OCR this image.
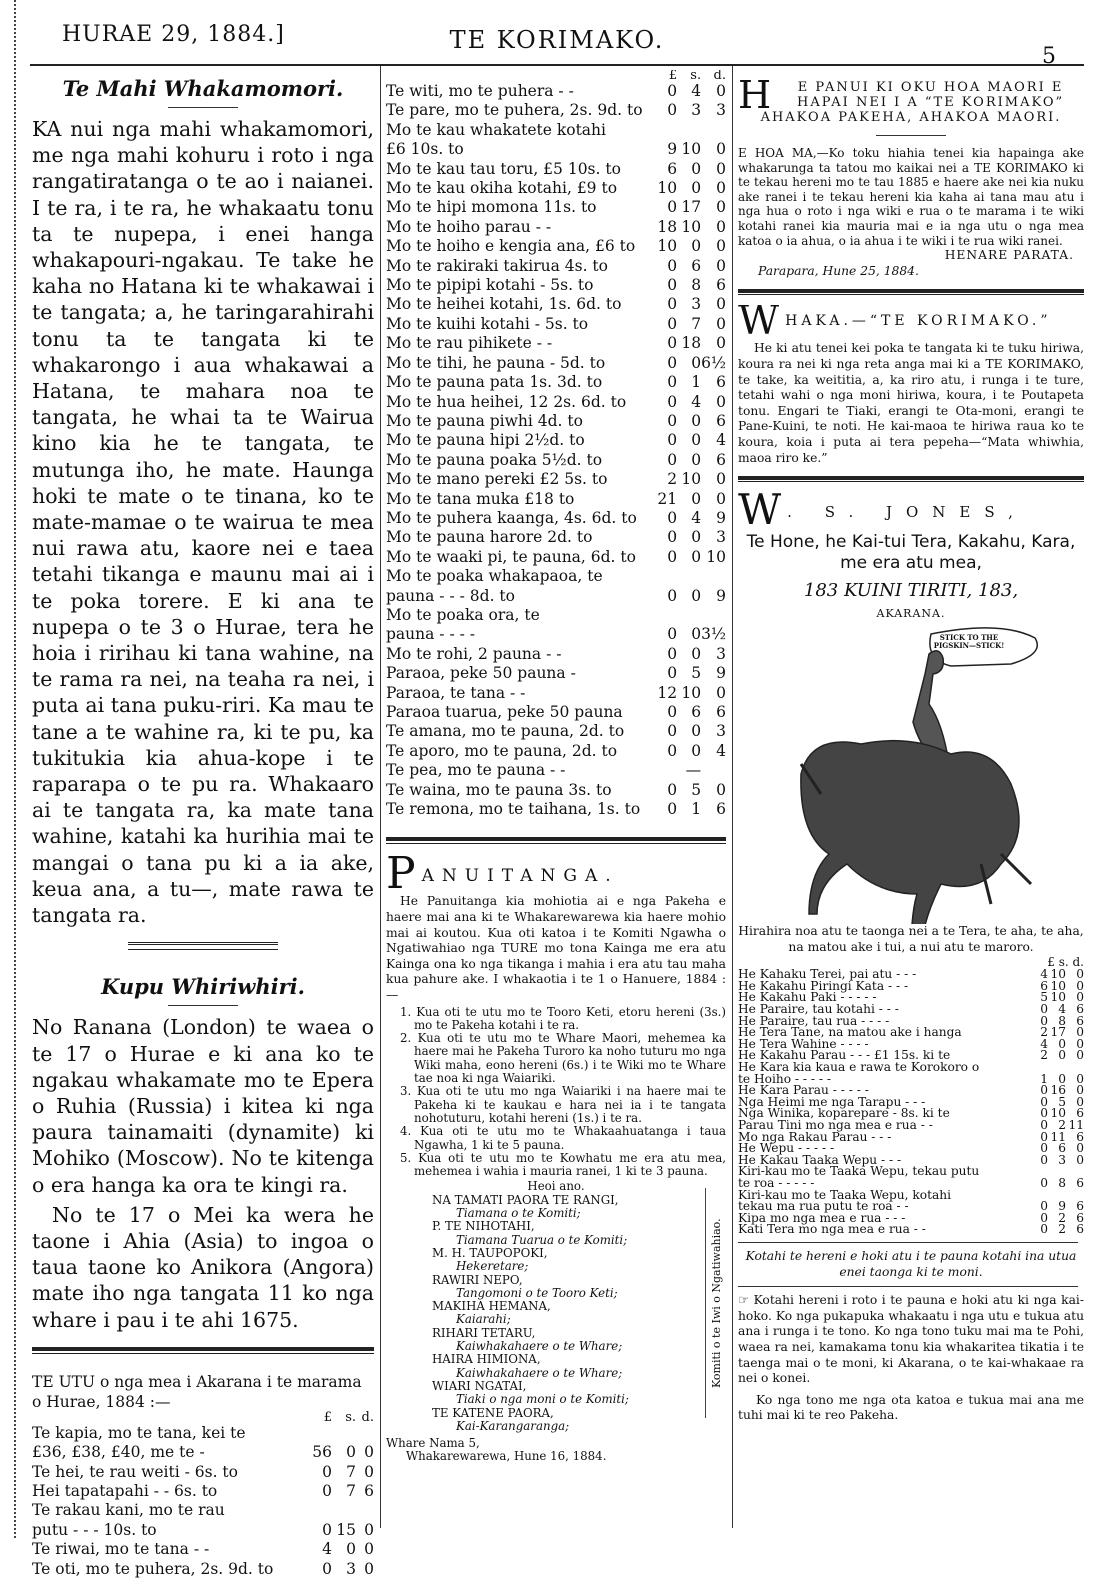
HURAE 29, 1884.]	TE KORIMAKO.
5
Te Mahi Whakamomori.
KA nui nga mahi whakamomori, me nga mahi kohuru i roto i nga rangatiratanga o te ao i naianei. I te ra, i te ra, he whakaatu tonu ta te nupepa, i enei hanga whakapouri-ngakau. Te take he kaha no Hatana ki te whakawai i te tangata; a, he taringarahirahi tonu ta te tangata ki te whakarongo i aua whakawai a Hatana, te mahara noa te tangata, he whai ta te Wairua kino kia he te tangata, te mutunga iho, he mate. Haunga hoki te mate o te tinana, ko te mate-mamae o te wairua te mea nui rawa atu, kaore nei e taea tetahi tikanga e maunu mai ai i te poka torere. E ki ana te nupepa o te 3 o Hurae, tera he hoia i ririhau ki tana wahine, na te rama ra nei, na teaha ra nei, i puta ai tana puku-riri. Ka mau te tane a te wahine ra, ki te pu, ka tukitukia kia ahua-kope i te raparapa o te pu ra. Whakaaro ai te tangata ra, ka mate tana wahine, katahi ka hurihia mai te mangai o tana pu ki a ia ake, keua ana, a tu—, mate rawa te tangata ra.
Kupu Whiriwhiri.

No Ranana (London) te waea o te 17 o Hurae e ki ana ko te ngakau whakamate mo te Epera o Ruhia (Russia) i kitea ki nga paura tainamaiti (dynamite) ki Mohiko (Moscow). No te kitenga o era hanga ka ora te kingi ra.

No te 17 o Mei ka wera he taone i Ahia (Asia) to ingoa o taua taone ko Anikora (Angora) mate iho nga tangata 11 ko nga whare i pau i te ahi 1675.

TE UTU o nga mea i Akarana i te marama o Hurae, 1884 :—
	£	s.	d.
Te kapia, mo te tana, kei te			
£36, £38, £40, me te -	56	0	0
Te hei, te rau weiti - 6s. to	0	7	0
Hei tapatapahi - - 6s. to	0	7	6
Te rakau kani, mo te rau			
putu - - - 10s. to	0	15	0
Te riwai, mo te tana - -	4	0	0
Te oti, mo te puhera, 2s. 9d. to	0	3	0
	£	s.	d.
Te witi, mo te puhera - -	0	4	0
Te pare, mo te puhera, 2s. 9d. to	0	3	3
Mo te kau whakatete kotahi			
£6 10s. to	9	10	0
Mo te kau tau toru, £5 10s. to	6	0	0
Mo te kau okiha kotahi, £9 to	10	0	0
Mo te hipi momona 11s. to	0	17	0
Mo te hoiho parau - -	18	10	0
Mo te hoiho e kengia ana, £6 to	10	0	0
Mo te rakiraki takirua 4s. to	0	6	0
Mo te pipipi kotahi - 5s. to	0	8	6
Mo te heihei kotahi, 1s. 6d. to	0	3	0
Mo te kuihi kotahi - 5s. to	0	7	0
Mo te rau pihikete - -	0	18	0
Mo te tihi, he pauna - 5d. to	0	0	6½
Mo te pauna pata 1s. 3d. to	0	1	6
Mo te hua heihei, 12 2s. 6d. to	0	4	0
Mo te pauna piwhi 4d. to	0	0	6
Mo te pauna hipi 2½d. to	0	0	4
Mo te pauna poaka 5½d. to	0	0	6
Mo te mano pereki £2 5s. to	2	10	0
Mo te tana muka £18 to	21	0	0
Mo te puhera kaanga, 4s. 6d. to	0	4	9
Mo te pauna harore 2d. to	0	0	3
Mo te waaki pi, te pauna, 6d. to	0	0	10
Mo te poaka whakapaoa, te			
pauna - - - 8d. to	0	0	9
Mo te poaka ora, te			
pauna - - - -	0	0	3½
Mo te rohi, 2 pauna - -	0	0	3
Paraoa, peke 50 pauna -	0	5	9
Paraoa, te tana - -	12	10	0
Paraoa tuarua, peke 50 pauna	0	6	6
Te amana, mo te pauna, 2d. to	0	0	3
Te aporo, mo te pauna, 2d. to	0	0	4
Te pea, mo te pauna - -		—	
Te waina, mo te pauna 3s. to	0	5	0
Te remona, mo te taihana, 1s. to	0	1	6
P ANUITANGA.
He Panuitanga kia mohiotia ai e nga Pakeha e haere mai ana ki te Whakarewarewa kia haere mohio mai ai koutou. Kua oti katoa i te Komiti Ngawha o Ngatiwahiao nga TURE mo tona Kainga me era atu Kainga ona ko nga tikanga i mahia i era atu tau maha kua pahure ake. I whakaotia i te 1 o Hanuere, 1884 :—
1. Kua oti te utu mo te Tooro Keti, etoru hereni (3s.) mo te Pakeha kotahi i te ra.
2. Kua oti te utu mo te Whare Maori, mehemea ka haere mai he Pakeha Turoro ka noho tuturu mo nga Wiki maha, eono hereni (6s.) i te Wiki mo te Whare tae noa ki nga Waiariki.
3. Kua oti te utu mo nga Waiariki i na haere mai te Pakeha ki te kaukau e hara nei ia i te tangata nohotuturu, kotahi hereni (1s.) i te ra.
4. Kua oti te utu mo te Whakaahuatanga i taua Ngawha, 1 ki te 5 pauna.
5. Kua oti te utu mo te Kowhatu me era atu mea, mehemea i wahia i mauria ranei, 1 ki te 3 pauna.
Heoi ano.
NA TAMATI PAORA TE RANGI,
Tiamana o te Komiti;
P. TE NIHOTAHI,
Tiamana Tuarua o te Komiti;
M. H. TAUPOPOKI,
Hekeretare;
RAWIRI NEPO,
Tangomoni o te Tooro Keti;
MAKIHA HEMANA,
Kaiarahi;
RIHARI TETARU,
Kaiwhakahaere o te Whare;
HAIRA HIMIONA,
Kaiwhakahaere o te Whare;
WIARI NGATAI,
Tiaki o nga moni o te Komiti;
TE KATENE PAORA,
Kai-Karangaranga;
Komiti o te Iwi o Ngatiwahiao.
Whare Nama 5,
Whakarewarewa, Hune 16, 1884.
H	E PANUI KI OKU HOA MAORI E HAPAI NEI I A “TE KORIMAKO” AHAKOA PAKEHA, AHAKOA MAORI.
E HOA MA,—Ko toku hiahia tenei kia hapainga ake whakarunga ta tatou mo kaikai nei a TE KORIMAKO ki te tekau hereni mo te tau 1885 e haere ake nei kia nuku ake ranei i te tekau hereni kia kaha ai tana mau atu i nga hua o roto i nga wiki e rua o te marama i te wiki kotahi ranei kia mauria mai e ia nga utu o nga mea katoa o ia ahua, o ia ahua i te wiki i te rua wiki ranei.
HENARE PARATA.
Parapara, Hune 25, 1884.
W HAKA.—“TE KORIMAKO.”
He ki atu tenei kei poka te tangata ki te tuku hiriwa, koura ra nei ki nga reta anga mai ki a TE KORIMAKO, te take, ka weititia, a, ka riro atu, i runga i te ture, tetahi wahi o nga moni hiriwa, koura, i te Poutapeta tonu. Engari te Tiaki, erangi te Ota-moni, erangi te Pane-Kuini, te noti. He kai-maoa te hiriwa raua ko te koura, koia i puta ai tera pepeha—“Mata whiwhia, maoa riro ke.”
W . S. JONES,
Te Hone, he Kai-tui Tera, Kakahu, Kara, me era atu mea,
183 KUINI TIRITI, 183,
AKARANA.
STICK TO THE PIGSKIN—STICK!
Hirahira noa atu te taonga nei a te Tera, te aha, te aha, na matou ake i tui, a nui atu te maroro.
£ s. d.
He Kahaku Terei, pai atu - - -	4	10	0
He Kakahu Piringi Kata - - -	6	10	0
He Kakahu Paki - - - - -	5	10	0
He Paraire, tau kotahi - - -	0	4	6
He Paraire, tau rua - - - -	0	8	6
He Tera Tane, na matou ake i hanga	2	17	0
He Tera Wahine - - - -	4	0	0
He Kakahu Parau - - - £1 15s. ki te	2	0	0
He Kara kia kaua e rawa te Korokoro o			
te Hoiho - - - - -	1	0	0
He Kara Parau - - - - -	0	16	0
Nga Heimi me nga Tarapu - - -	0	5	0
Nga Winika, koparepare - 8s. ki te	0	10	6
Parau Tini mo nga mea e rua - -	0	2	11
Mo nga Rakau Parau - - -	0	11	6
He Wepu - - - - -	0	6	0
He Kakau Taaka Wepu - - -	0	3	0
Kiri-kau mo te Taaka Wepu, tekau putu			
te roa - - - - -	0	8	6
Kiri-kau mo te Taaka Wepu, kotahi			
tekau ma rua putu te roa - -	0	9	6
Kipa mo nga mea e rua - - -	0	2	6
Kati Tera mo nga mea e rua - -	0	2	6
Kotahi te hereni e hoki atu i te pauna kotahi ina utua enei taonga ki te moni.
☞ Kotahi hereni i roto i te pauna e hoki atu ki nga kai-hoko. Ko nga pukapuka whakaatu i nga utu e tukua atu ana i runga i te tono. Ko nga tono tuku mai ma te Pohi, waea ra nei, kamakama tonu kia whakaritea tikatia i te taenga mai o te moni, ki Akarana, o te kai-whakaae ra nei o konei.
Ko nga tono me nga ota katoa e tukua mai ana me tuhi mai ki te reo Pakeha.
